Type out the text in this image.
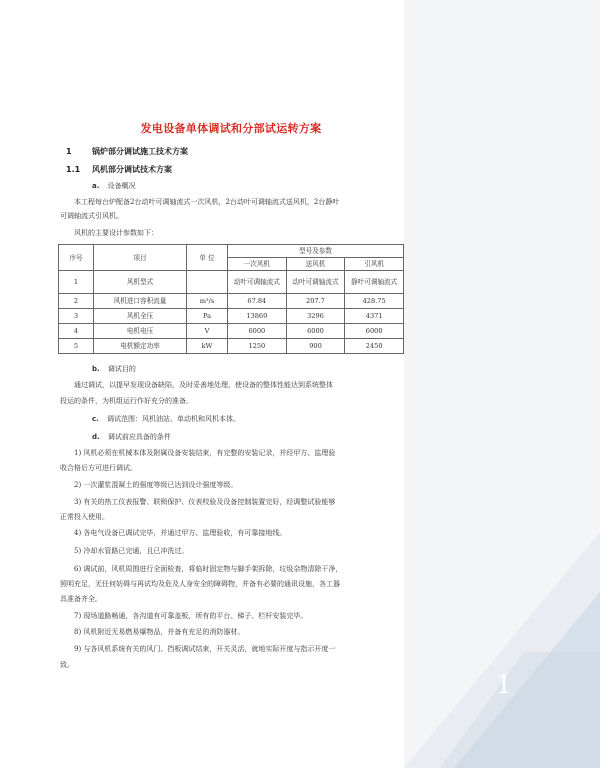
1
发电设备单体调试和分部试运转方案
1	锅炉部分调试施工技术方案
1.1 风机部分调试技术方案
a. 设备概况
本工程每台炉配备2台动叶可调轴流式一次风机，2台动叶可调轴流式送风机，2台静叶
可调轴流式引风机。
风机的主要设计参数如下：
序号	项目	单 位	型号及参数		
			一次风机	送风机	引风机
1	风机型式		动叶可调轴流式	动叶可调轴流式	静叶可调轴流式
2	风机进口容积流量	m³/s	67.84	207.7	428.75
3	风机全压	Pa	13869	3296	4371
4	电机电压	V	6000	6000	6000
5	电机额定功率	kW	1250	900	2450
b. 调试目的
通过调试，以提早发现设备缺陷，及时妥善地处理，使设备的整体性能达到系统整体
投运的条件，为机组运行作好充分的准备。
c. 调试范围：风机油站、单动机和风机本体。
d. 调试前应具备的条件
1) 风机必须在机械本体及附属设备安装结束，有完整的安装记录，并经甲方、监理验
收合格后方可进行调试。
2) 一次灌浆混凝土的强度等级已达到设计强度等级。
3) 有关的热工仪表报警、联锁保护、仪表校验及设备控制装置完好，经调整试验能够
正常投入使用。
4) 各电气设备已调试完毕，并通过甲方、监理验收，有可靠接地线。
5) 冷却水管路已完通，且已冲洗过。
6) 调试前，风机周围进行全面检查，将临时固定物与脚手架拆除，垃圾杂物清除干净，
照明充足，无任何妨碍与再试均及危及人身安全的障碍物，并备有必要的通讯设施，各工器
具准备齐全。
7) 现场道路畅通，各沟道有可靠盖板，所有的平台、梯子、栏杆安装完毕。
8) 风机附近无易燃易爆物品，并备有充足的消防器材。
9) 与各风机系统有关的风门、挡板调试结束，开关灵活，就地实际开度与指示开度一
致。
